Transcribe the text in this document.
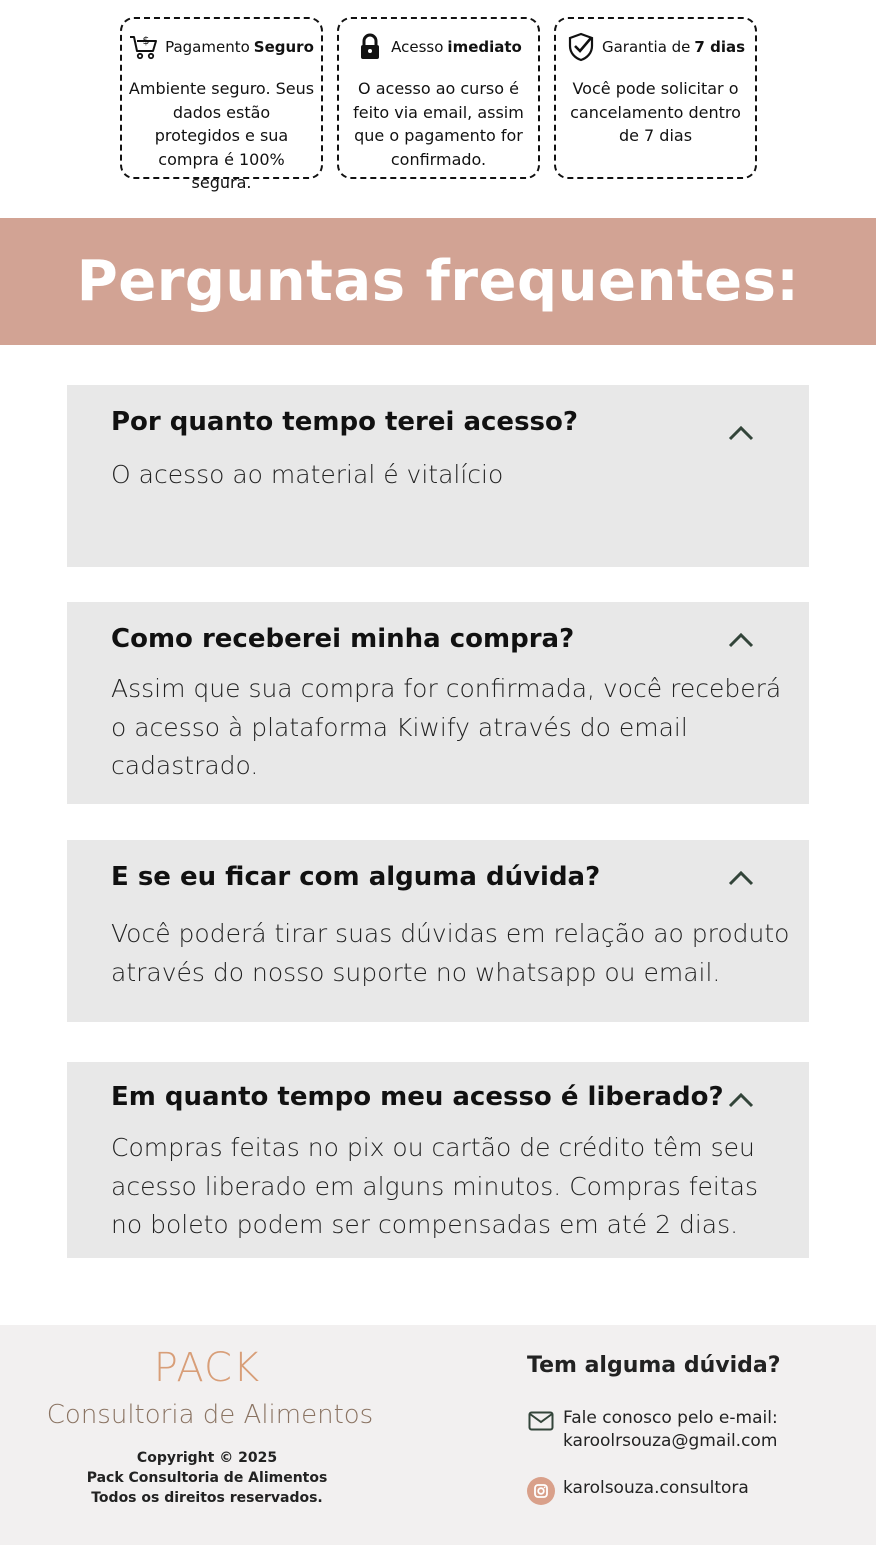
$ Pagamento Seguro
Ambiente seguro. Seus dados estão protegidos e sua compra é 100% segura.
Acesso imediato
O acesso ao curso é feito via email, assim que o pagamento for confirmado.
Garantia de 7 dias
Você pode solicitar o cancelamento dentro de 7 dias
Perguntas frequentes:
Por quanto tempo terei acesso?
O acesso ao material é vitalício
Como receberei minha compra?
Assim que sua compra for confirmada, você receberá o acesso à plataforma Kiwify através do email cadastrado.
E se eu ficar com alguma dúvida?
Você poderá tirar suas dúvidas em relação ao produto através do nosso suporte no whatsapp ou email.
Em quanto tempo meu acesso é liberado?
Compras feitas no pix ou cartão de crédito têm seu acesso liberado em alguns minutos. Compras feitas no boleto podem ser compensadas em até 2 dias.
PACK
Consultoria de Alimentos
Copyright © 2025
Pack Consultoria de Alimentos
Todos os direitos reservados.
Tem alguma dúvida?
Fale conosco pelo e-mail:
karoolrsouza@gmail.com
karolsouza.consultora
